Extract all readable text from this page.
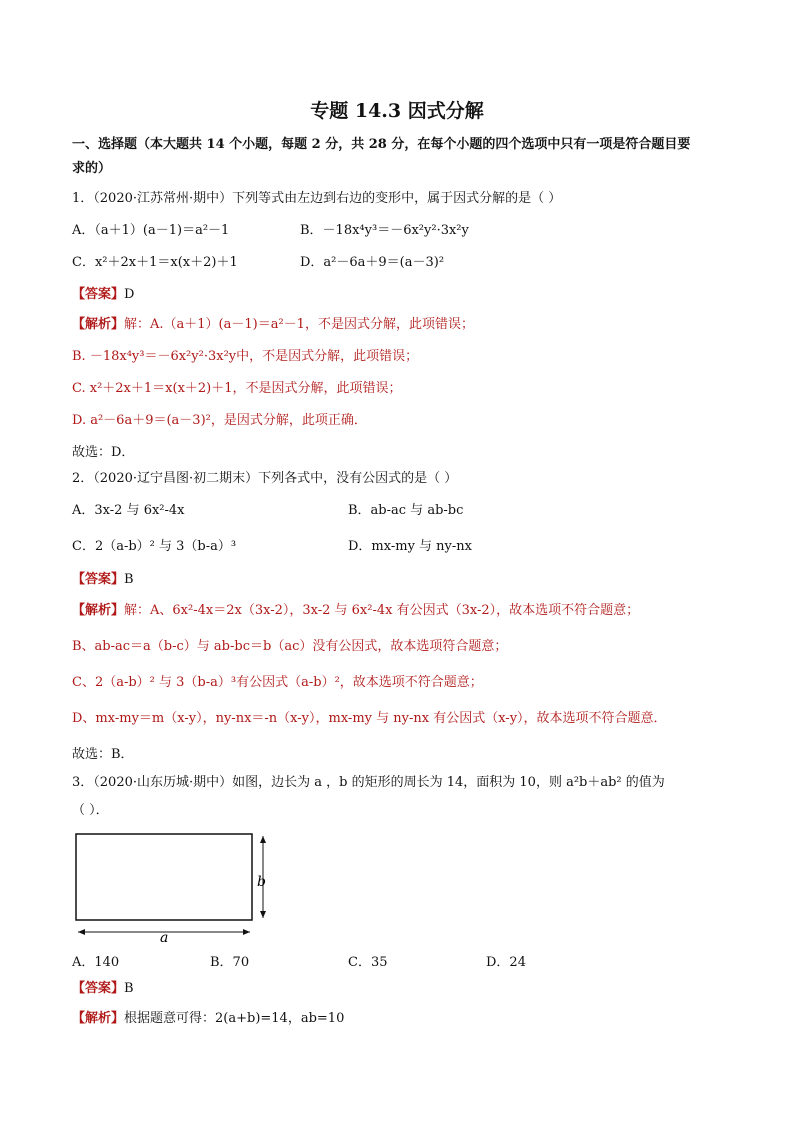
专题 14.3 因式分解
一、选择题（本大题共 14 个小题，每题 2 分，共 28 分，在每个小题的四个选项中只有一项是符合题目要
求的）
1．（2020·江苏常州·期中）下列等式由左边到右边的变形中，属于因式分解的是（ ）
A．（a＋1）(a－1)＝a²－1	B．－18x⁴y³＝－6x²y²·3x²y
C．x²＋2x＋1＝x(x＋2)＋1	D．a²－6a＋9＝(a－3)²
【答案】D
【解析】解：A.（a＋1）(a－1)＝a²－1，不是因式分解，此项错误；
B. －18x⁴y³＝－6x²y²·3x²y中，不是因式分解，此项错误；
C. x²＋2x＋1＝x(x＋2)＋1，不是因式分解，此项错误；
D. a²－6a＋9＝(a－3)²，是因式分解，此项正确．
故选：D．
2．（2020·辽宁昌图·初二期末）下列各式中，没有公因式的是（ ）
A．3x-2 与 6x²-4x	B．ab-ac 与 ab-bc
C．2（a-b）² 与 3（b-a）³	D．mx-my 与 ny-nx
【答案】B
【解析】解：A、6x²-4x＝2x（3x-2），3x-2 与 6x²-4x 有公因式（3x-2），故本选项不符合题意；
B、ab-ac＝a（b-c）与 ab-bc＝b（ac）没有公因式，故本选项符合题意；
C、2（a-b）² 与 3（b-a）³有公因式（a-b）²，故本选项不符合题意；
D、mx-my＝m（x-y），ny-nx＝-n（x-y），mx-my 与 ny-nx 有公因式（x-y），故本选项不符合题意．
故选：B．
3．（2020·山东历城·期中）如图，边长为 a ，b 的矩形的周长为 14，面积为 10，则 a²b＋ab² 的值为
（ ）．
b
a
A．140	B．70	C．35	D．24
【答案】B
【解析】根据题意可得：2(a+b)=14，ab=10
